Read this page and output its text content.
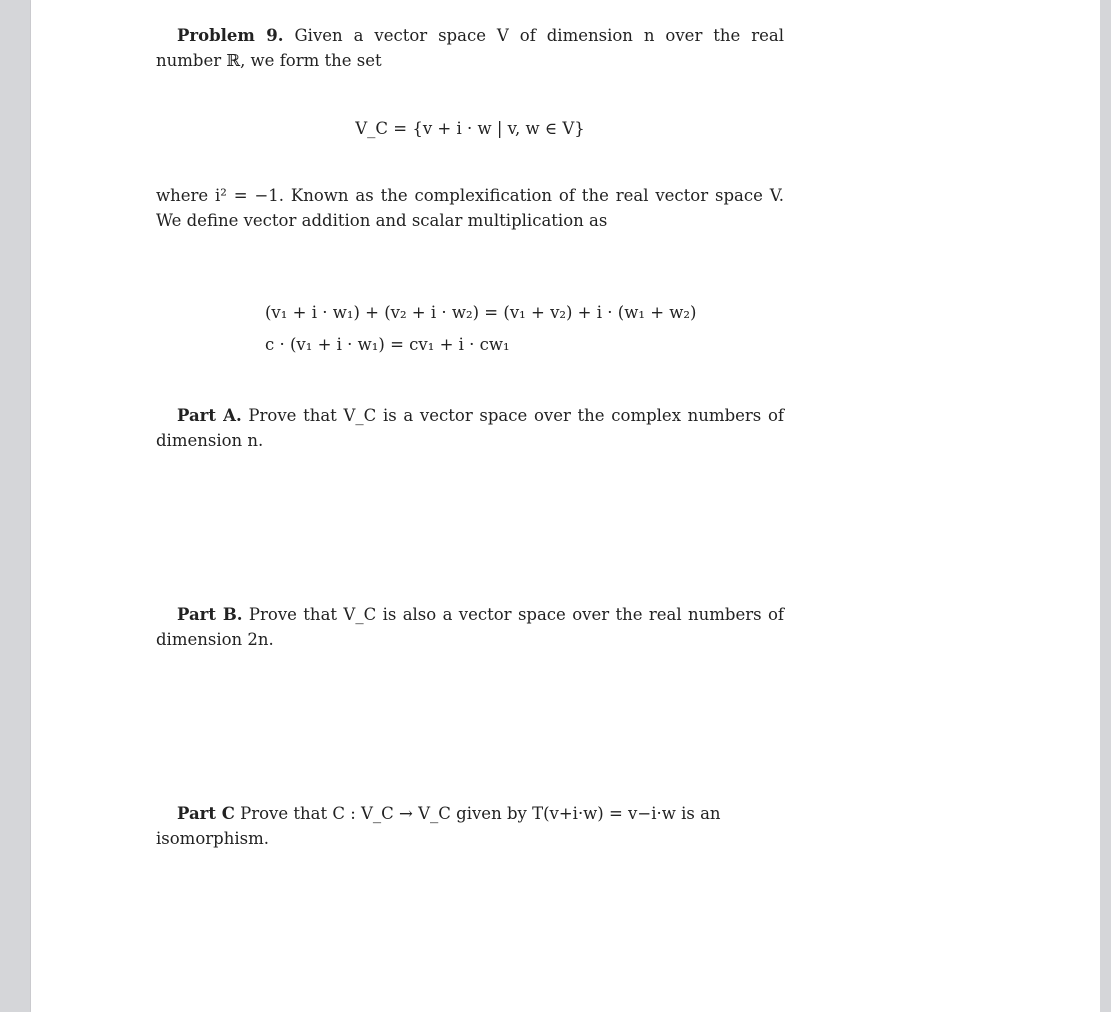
Problem 9. Given a vector space V of dimension n over the real number ℝ, we form the set

V_C = {v + i · w | v, w ∈ V}

where i² = −1. Known as the complexification of the real vector space V. We define vector addition and scalar multiplication as

(v₁ + i · w₁) + (v₂ + i · w₂) = (v₁ + v₂) + i · (w₁ + w₂)
c · (v₁ + i · w₁) = cv₁ + i · cw₁

Part A. Prove that V_C is a vector space over the complex numbers of dimension n.

Part B. Prove that V_C is also a vector space over the real numbers of dimension 2n.

Part C Prove that C : V_C → V_C given by T(v+i·w) = v−i·w is an isomorphism.
